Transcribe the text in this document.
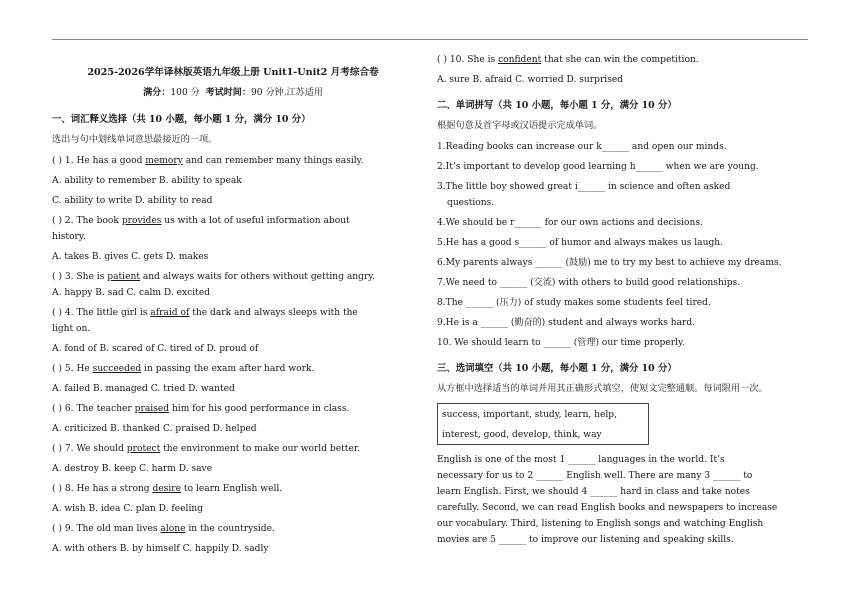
2025-2026学年译林版英语九年级上册 Unit1-Unit2 月考综合卷
满分：100 分 考试时间：90 分钟.江苏适用
一、词汇释义选择（共 10 小题，每小题 1 分，满分 10 分）
选出与句中划线单词意思最接近的一项。
( ) 1. He has a good memory and can remember many things easily.
A. ability to remember B. ability to speak
C. ability to write D. ability to read
( ) 2. The book provides us with a lot of useful information about
history.
A. takes B. gives C. gets D. makes
( ) 3. She is patient and always waits for others without getting angry.
A. happy B. sad C. calm D. excited
( ) 4. The little girl is afraid of the dark and always sleeps with the
light on.
A. fond of B. scared of C. tired of D. proud of
( ) 5. He succeeded in passing the exam after hard work.
A. failed B. managed C. tried D. wanted
( ) 6. The teacher praised him for his good performance in class.
A. criticized B. thanked C. praised D. helped
( ) 7. We should protect the environment to make our world better.
A. destroy B. keep C. harm D. save
( ) 8. He has a strong desire to learn English well.
A. wish B. idea C. plan D. feeling
( ) 9. The old man lives alone in the countryside.
A. with others B. by himself C. happily D. sadly
( ) 10. She is confident that she can win the competition.
A. sure B. afraid C. worried D. surprised
二、单词拼写（共 10 小题，每小题 1 分，满分 10 分）
根据句意及首字母或汉语提示完成单词。
1.Reading books can increase our k______ and open our minds.
2.It’s important to develop good learning h______ when we are young.
3.The little boy showed great i______ in science and often asked
questions.
4.We should be r______ for our own actions and decisions.
5.He has a good s______ of humor and always makes us laugh.
6.My parents always ______ (鼓励) me to try my best to achieve my dreams.
7.We need to ______ (交流) with others to build good relationships.
8.The ______ (压力) of study makes some students feel tired.
9.He is a ______ (勤奋的) student and always works hard.
10. We should learn to ______ (管理) our time properly.
三、选词填空（共 10 小题，每小题 1 分，满分 10 分）
从方框中选择适当的单词并用其正确形式填空，使短文完整通顺。每词限用一次。
success, important, study, learn, help,
interest, good, develop, think, way
English is one of the most 1 ______ languages in the world. It’s
necessary for us to 2 ______ English well. There are many 3 ______ to
learn English. First, we should 4 ______ hard in class and take notes
carefully. Second, we can read English books and newspapers to increase
our vocabulary. Third, listening to English songs and watching English
movies are 5 ______ to improve our listening and speaking skills.
